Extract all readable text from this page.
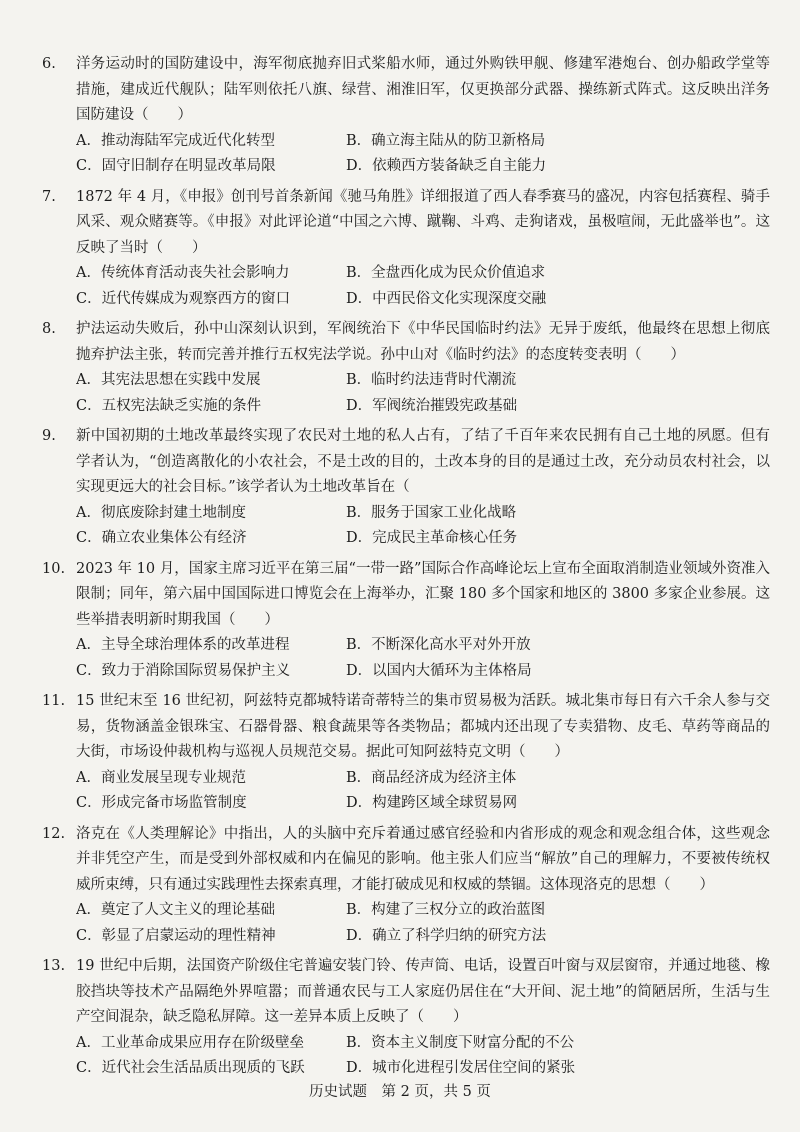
6.	洋务运动时的国防建设中，海军彻底抛弃旧式桨船水师，通过外购铁甲舰、修建军港炮台、创办船政学堂等措施，建成近代舰队；陆军则依托八旗、绿营、湘淮旧军，仅更换部分武器、操练新式阵式。这反映出洋务国防建设（　　）
A．推动海陆军完成近代化转型	B．确立海主陆从的防卫新格局
C．固守旧制存在明显改革局限	D．依赖西方装备缺乏自主能力
7.	1872 年 4 月，《申报》创刊号首条新闻《驰马角胜》详细报道了西人春季赛马的盛况，内容包括赛程、骑手风采、观众赌赛等。《申报》对此评论道“中国之六博、蹴鞠、斗鸡、走狗诸戏，虽极喧闹，无此盛举也”。这反映了当时（　　）
A．传统体育活动丧失社会影响力	B．全盘西化成为民众价值追求
C．近代传媒成为观察西方的窗口	D．中西民俗文化实现深度交融
8.	护法运动失败后，孙中山深刻认识到，军阀统治下《中华民国临时约法》无异于废纸，他最终在思想上彻底抛弃护法主张，转而完善并推行五权宪法学说。孙中山对《临时约法》的态度转变表明（　　）
A．其宪法思想在实践中发展	B．临时约法违背时代潮流
C．五权宪法缺乏实施的条件	D．军阀统治摧毁宪政基础
9.	新中国初期的土地改革最终实现了农民对土地的私人占有，了结了千百年来农民拥有自己土地的夙愿。但有学者认为，“创造离散化的小农社会，不是土改的目的，土改本身的目的是通过土改，充分动员农村社会，以实现更远大的社会目标。”该学者认为土地改革旨在（
A．彻底废除封建土地制度	B．服务于国家工业化战略
C．确立农业集体公有经济	D．完成民主革命核心任务
10. 2023 年 10 月，国家主席习近平在第三届“一带一路”国际合作高峰论坛上宣布全面取消制造业领域外资准入限制；同年，第六届中国国际进口博览会在上海举办，汇聚 180 多个国家和地区的 3800 多家企业参展。这些举措表明新时期我国（　　）
A．主导全球治理体系的改革进程	B．不断深化高水平对外开放
C．致力于消除国际贸易保护主义	D．以国内大循环为主体格局
11. 15 世纪末至 16 世纪初，阿兹特克都城特诺奇蒂特兰的集市贸易极为活跃。城北集市每日有六千余人参与交易，货物涵盖金银珠宝、石器骨器、粮食蔬果等各类物品；都城内还出现了专卖猎物、皮毛、草药等商品的大街，市场设仲裁机构与巡视人员规范交易。据此可知阿兹特克文明（　　）
A．商业发展呈现专业规范	B．商品经济成为经济主体
C．形成完备市场监管制度	D．构建跨区域全球贸易网
12. 洛克在《人类理解论》中指出，人的头脑中充斥着通过感官经验和内省形成的观念和观念组合体，这些观念并非凭空产生，而是受到外部权威和内在偏见的影响。他主张人们应当“解放”自己的理解力，不要被传统权威所束缚，只有通过实践理性去探索真理，才能打破成见和权威的禁锢。这体现洛克的思想（　　）
A．奠定了人文主义的理论基础	B．构建了三权分立的政治蓝图
C．彰显了启蒙运动的理性精神	D．确立了科学归纳的研究方法
13. 19 世纪中后期，法国资产阶级住宅普遍安装门铃、传声筒、电话，设置百叶窗与双层窗帘，并通过地毯、橡胶挡块等技术产品隔绝外界喧嚣；而普通农民与工人家庭仍居住在“大开间、泥土地”的简陋居所，生活与生产空间混杂，缺乏隐私屏障。这一差异本质上反映了（　　）
A．工业革命成果应用存在阶级壁垒	B．资本主义制度下财富分配的不公
C．近代社会生活品质出现质的飞跃	D．城市化进程引发居住空间的紧张
历史试题　第 2 页，共 5 页
